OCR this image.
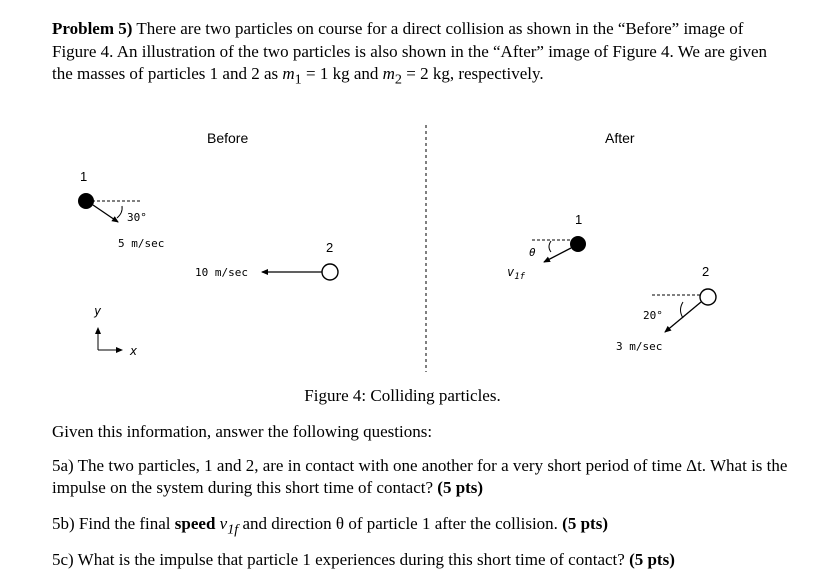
Problem 5) There are two particles on course for a direct collision as shown in the “Before” image of Figure 4. An illustration of the two particles is also shown in the “After” image of Figure 4. We are given the masses of particles 1 and 2 as $m_1 = 1$ kg and $m_2 = 2$ kg, respectively.
Before	After
1
30°
5 m/sec	2
10 m/sec
y
x
1
θ
$v_{1f}$	2
20°
3 m/sec
Figure 4: Colliding particles.
Given this information, answer the following questions:
5a) The two particles, 1 and 2, are in contact with one another for a very short period of time Δt. What is the impulse on the system during this short time of contact? (5 pts)
5b) Find the final speed $v_{1f}$ and direction θ of particle 1 after the collision. (5 pts)
5c) What is the impulse that particle 1 experiences during this short time of contact? (5 pts)
